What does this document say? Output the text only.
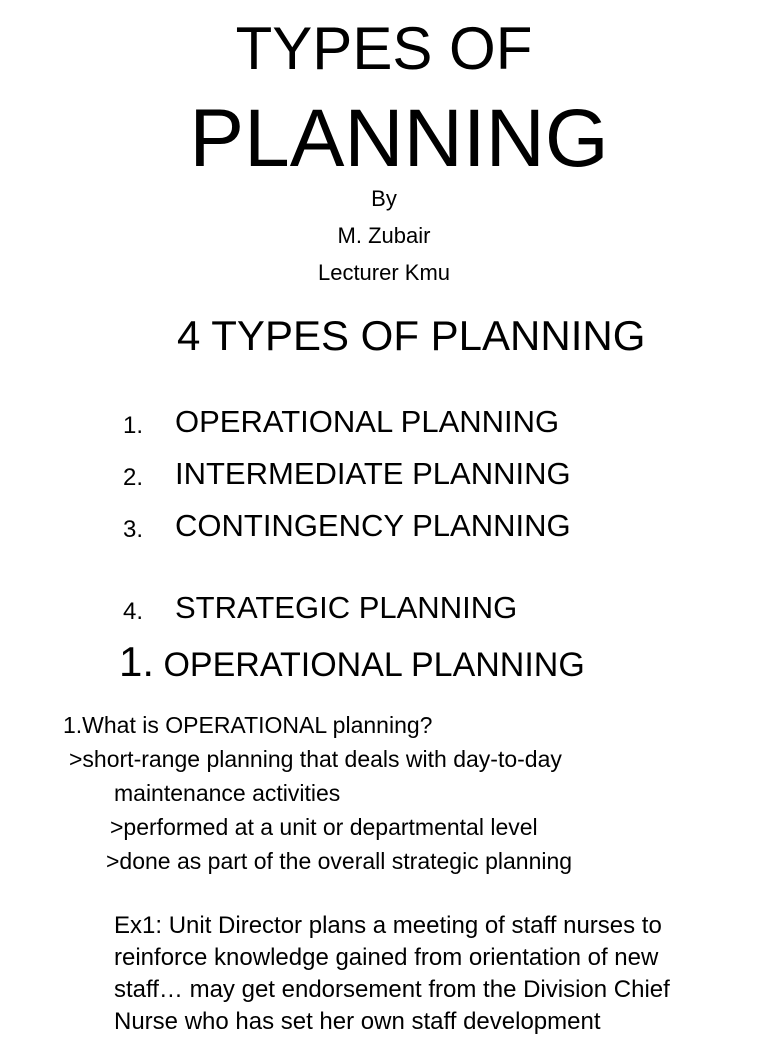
TYPES OF
PLANNING
By
M. Zubair
Lecturer Kmu
4 TYPES OF PLANNING
1. OPERATIONAL PLANNING
2. INTERMEDIATE PLANNING
3. CONTINGENCY PLANNING
4. STRATEGIC PLANNING
1. OPERATIONAL PLANNING
1.What is OPERATIONAL planning?
>short-range planning that deals with day-to-day
maintenance activities
>performed at a unit or departmental level
>done as part of the overall strategic planning
Ex1: Unit Director plans a meeting of staff nurses to reinforce knowledge gained from orientation of new staff… may get endorsement from the Division Chief Nurse who has set her own staff development
